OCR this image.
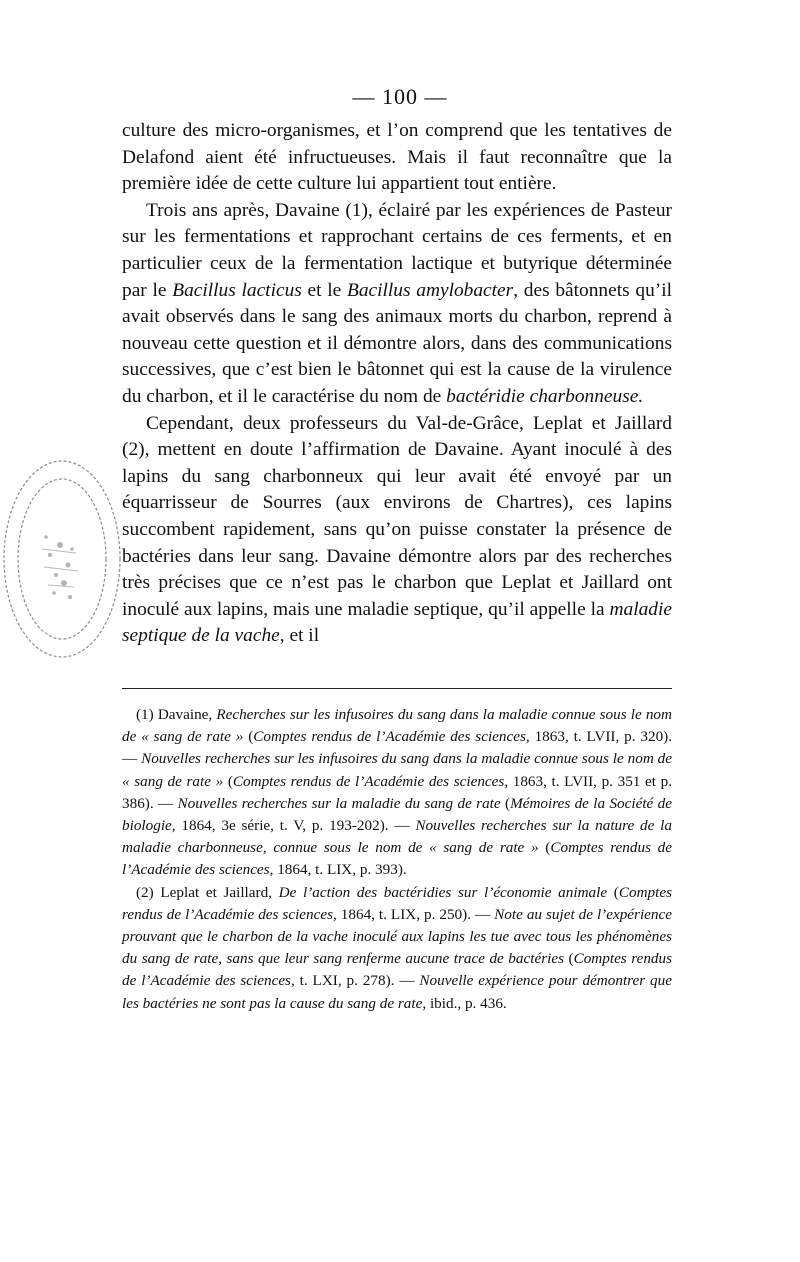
— 100 —

culture des micro-organismes, et l’on comprend que les tentatives de Delafond aient été infructueuses. Mais il faut reconnaître que la première idée de cette culture lui appartient tout entière.

Trois ans après, Davaine (1), éclairé par les expériences de Pasteur sur les fermentations et rapprochant certains de ces ferments, et en particulier ceux de la fermentation lactique et butyrique déterminée par le Bacillus lacticus et le Bacillus amylobacter, des bâtonnets qu’il avait observés dans le sang des animaux morts du charbon, reprend à nouveau cette question et il démontre alors, dans des communications successives, que c’est bien le bâtonnet qui est la cause de la virulence du charbon, et il le caractérise du nom de bactéridie charbonneuse.

Cependant, deux professeurs du Val-de-Grâce, Leplat et Jaillard (2), mettent en doute l’affirmation de Davaine. Ayant inoculé à des lapins du sang charbonneux qui leur avait été envoyé par un équarrisseur de Sourres (aux environs de Chartres), ces lapins succombent rapidement, sans qu’on puisse constater la présence de bactéries dans leur sang. Davaine démontre alors par des recherches très précises que ce n’est pas le charbon que Leplat et Jaillard ont inoculé aux lapins, mais une maladie septique, qu’il appelle la maladie septique de la vache, et il

(1) Davaine, Recherches sur les infusoires du sang dans la maladie connue sous le nom de « sang de rate » (Comptes rendus de l’Académie des sciences, 1863, t. LVII, p. 320). — Nouvelles recherches sur les infusoires du sang dans la maladie connue sous le nom de « sang de rate » (Comptes rendus de l’Académie des sciences, 1863, t. LVII, p. 351 et p. 386). — Nouvelles recherches sur la maladie du sang de rate (Mémoires de la Société de biologie, 1864, 3e série, t. V, p. 193-202). — Nouvelles recherches sur la nature de la maladie charbonneuse, connue sous le nom de « sang de rate » (Comptes rendus de l’Académie des sciences, 1864, t. LIX, p. 393).

(2) Leplat et Jaillard, De l’action des bactéridies sur l’économie animale (Comptes rendus de l’Académie des sciences, 1864, t. LIX, p. 250). — Note au sujet de l’expérience prouvant que le charbon de la vache inoculé aux lapins les tue avec tous les phénomènes du sang de rate, sans que leur sang renferme aucune trace de bactéries (Comptes rendus de l’Académie des sciences, t. LXI, p. 278). — Nouvelle expérience pour démontrer que les bactéries ne sont pas la cause du sang de rate, ibid., p. 436.
